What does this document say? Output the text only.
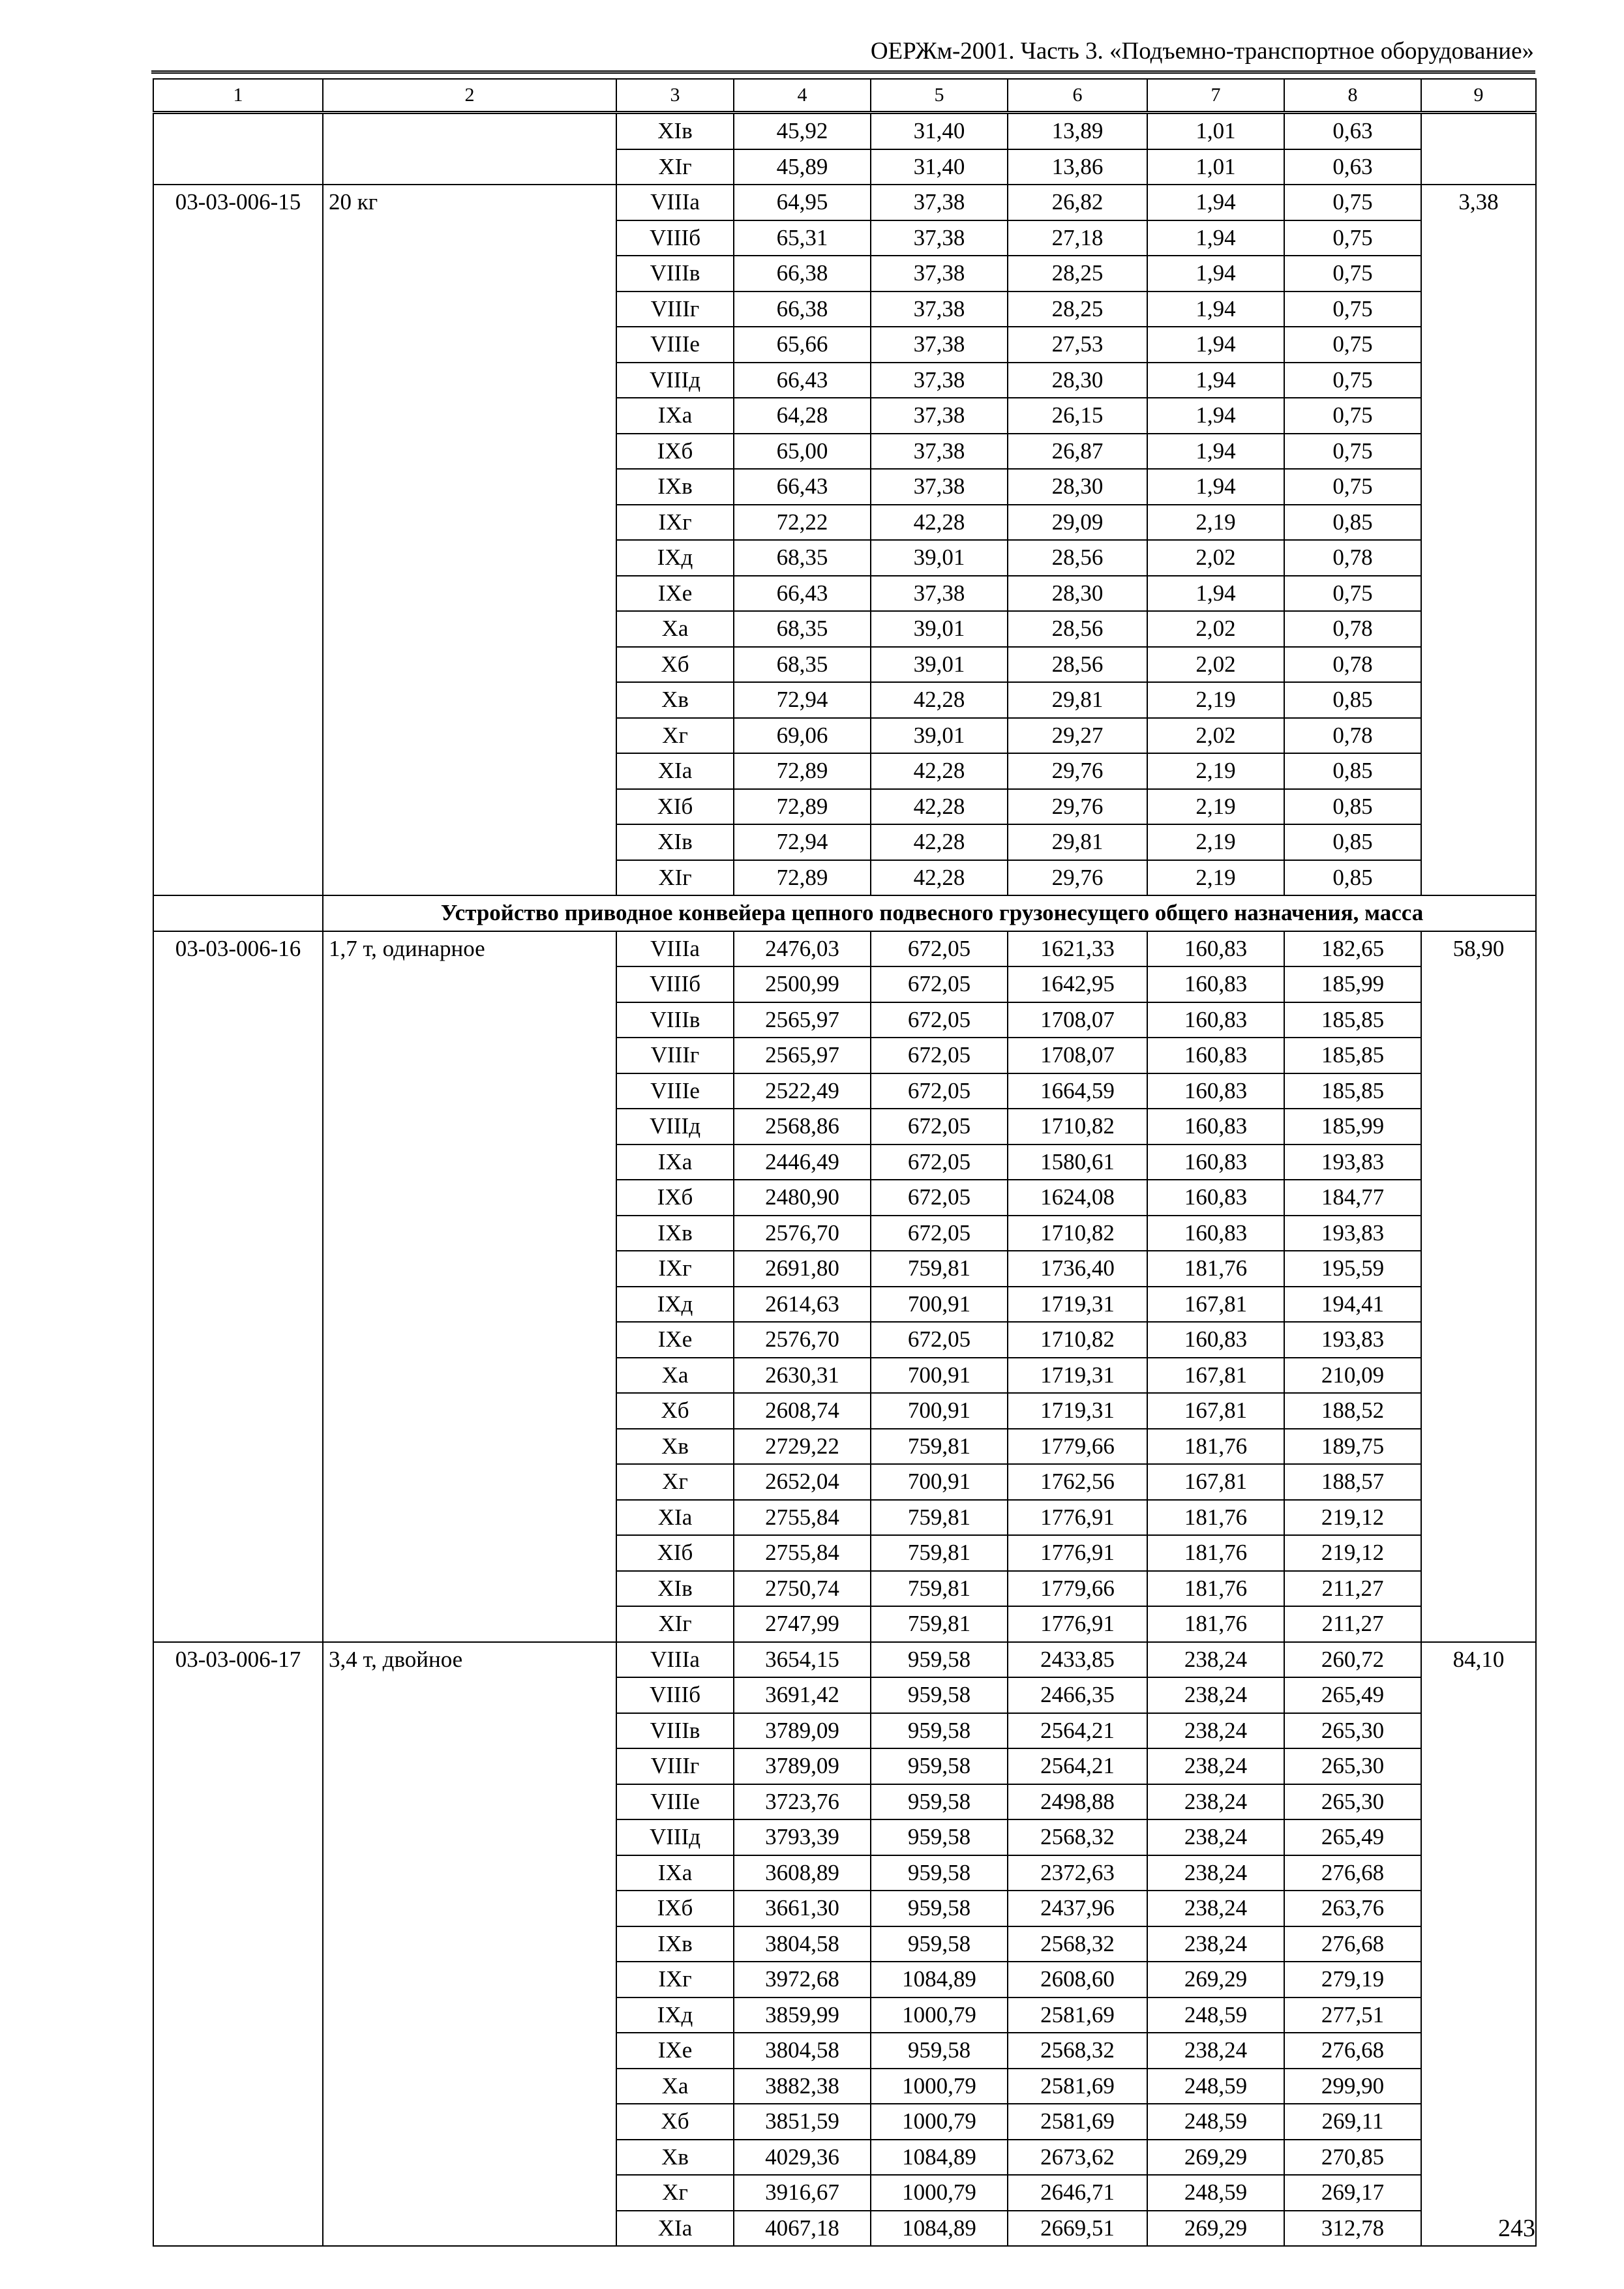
ОЕРЖм-2001. Часть 3. «Подъемно-транспортное оборудование»
1	2	3	4	5	6	7	8	9
		XIв	45,92	31,40	13,89	1,01	0,63	
		XIг	45,89	31,40	13,86	1,01	0,63	
03-03-006-15	20 кг	VIIIа	64,95	37,38	26,82	1,94	0,75	3,38
		VIIIб	65,31	37,38	27,18	1,94	0,75	
		VIIIв	66,38	37,38	28,25	1,94	0,75	
		VIIIг	66,38	37,38	28,25	1,94	0,75	
		VIIIе	65,66	37,38	27,53	1,94	0,75	
		VIIIд	66,43	37,38	28,30	1,94	0,75	
		IXа	64,28	37,38	26,15	1,94	0,75	
		IXб	65,00	37,38	26,87	1,94	0,75	
		IXв	66,43	37,38	28,30	1,94	0,75	
		IXг	72,22	42,28	29,09	2,19	0,85	
		IXд	68,35	39,01	28,56	2,02	0,78	
		IXе	66,43	37,38	28,30	1,94	0,75	
		Xа	68,35	39,01	28,56	2,02	0,78	
		Xб	68,35	39,01	28,56	2,02	0,78	
		Xв	72,94	42,28	29,81	2,19	0,85	
		Xг	69,06	39,01	29,27	2,02	0,78	
		XIа	72,89	42,28	29,76	2,19	0,85	
		XIб	72,89	42,28	29,76	2,19	0,85	
		XIв	72,94	42,28	29,81	2,19	0,85	
		XIг	72,89	42,28	29,76	2,19	0,85	
	Устройство приводное конвейера цепного подвесного грузонесущего общего назначения, масса							
03-03-006-16	1,7 т, одинарное	VIIIа	2476,03	672,05	1621,33	160,83	182,65	58,90
		VIIIб	2500,99	672,05	1642,95	160,83	185,99	
		VIIIв	2565,97	672,05	1708,07	160,83	185,85	
		VIIIг	2565,97	672,05	1708,07	160,83	185,85	
		VIIIе	2522,49	672,05	1664,59	160,83	185,85	
		VIIIд	2568,86	672,05	1710,82	160,83	185,99	
		IXа	2446,49	672,05	1580,61	160,83	193,83	
		IXб	2480,90	672,05	1624,08	160,83	184,77	
		IXв	2576,70	672,05	1710,82	160,83	193,83	
		IXг	2691,80	759,81	1736,40	181,76	195,59	
		IXд	2614,63	700,91	1719,31	167,81	194,41	
		IXе	2576,70	672,05	1710,82	160,83	193,83	
		Xа	2630,31	700,91	1719,31	167,81	210,09	
		Xб	2608,74	700,91	1719,31	167,81	188,52	
		Xв	2729,22	759,81	1779,66	181,76	189,75	
		Xг	2652,04	700,91	1762,56	167,81	188,57	
		XIа	2755,84	759,81	1776,91	181,76	219,12	
		XIб	2755,84	759,81	1776,91	181,76	219,12	
		XIв	2750,74	759,81	1779,66	181,76	211,27	
		XIг	2747,99	759,81	1776,91	181,76	211,27	
03-03-006-17	3,4 т, двойное	VIIIа	3654,15	959,58	2433,85	238,24	260,72	84,10
		VIIIб	3691,42	959,58	2466,35	238,24	265,49	
		VIIIв	3789,09	959,58	2564,21	238,24	265,30	
		VIIIг	3789,09	959,58	2564,21	238,24	265,30	
		VIIIе	3723,76	959,58	2498,88	238,24	265,30	
		VIIIд	3793,39	959,58	2568,32	238,24	265,49	
		IXа	3608,89	959,58	2372,63	238,24	276,68	
		IXб	3661,30	959,58	2437,96	238,24	263,76	
		IXв	3804,58	959,58	2568,32	238,24	276,68	
		IXг	3972,68	1084,89	2608,60	269,29	279,19	
		IXд	3859,99	1000,79	2581,69	248,59	277,51	
		IXе	3804,58	959,58	2568,32	238,24	276,68	
		Xа	3882,38	1000,79	2581,69	248,59	299,90	
		Xб	3851,59	1000,79	2581,69	248,59	269,11	
		Xв	4029,36	1084,89	2673,62	269,29	270,85	
		Xг	3916,67	1000,79	2646,71	248,59	269,17	
		XIа	4067,18	1084,89	2669,51	269,29	312,78		243
